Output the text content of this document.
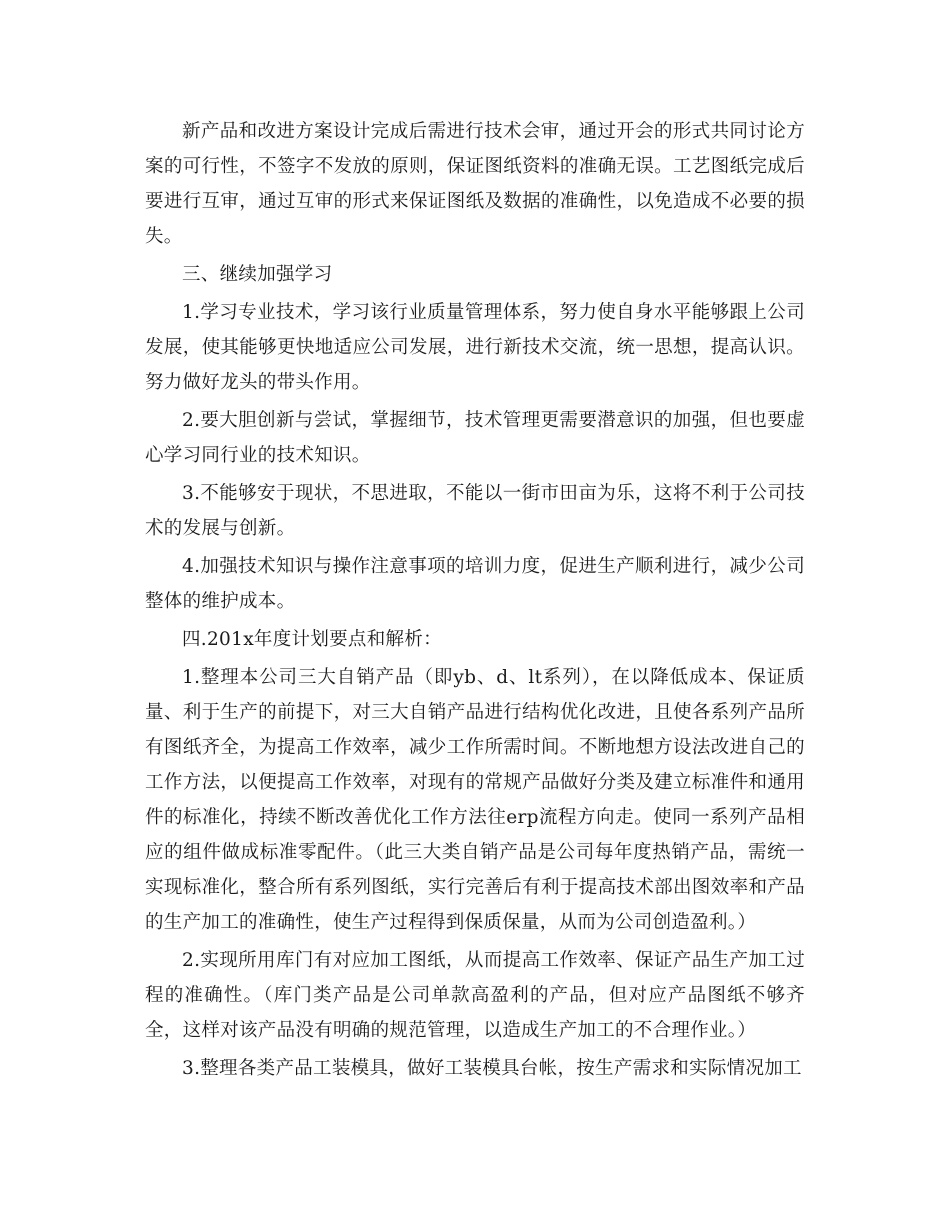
新产品和改进方案设计完成后需进行技术会审，通过开会的形式共同讨论方案的可行性，不签字不发放的原则，保证图纸资料的准确无误。工艺图纸完成后要进行互审，通过互审的形式来保证图纸及数据的准确性，以免造成不必要的损失。

三、继续加强学习

1.学习专业技术，学习该行业质量管理体系，努力使自身水平能够跟上公司发展，使其能够更快地适应公司发展，进行新技术交流，统一思想，提高认识。努力做好龙头的带头作用。

2.要大胆创新与尝试，掌握细节，技术管理更需要潜意识的加强，但也要虚心学习同行业的技术知识。

3.不能够安于现状，不思进取，不能以一街市田亩为乐，这将不利于公司技术的发展与创新。

4.加强技术知识与操作注意事项的培训力度，促进生产顺利进行，减少公司整体的维护成本。

四.201x年度计划要点和解析：

1.整理本公司三大自销产品（即yb、d、lt系列），在以降低成本、保证质量、利于生产的前提下，对三大自销产品进行结构优化改进，且使各系列产品所有图纸齐全，为提高工作效率，减少工作所需时间。不断地想方设法改进自己的工作方法，以便提高工作效率，对现有的常规产品做好分类及建立标准件和通用件的标准化，持续不断改善优化工作方法往erp流程方向走。使同一系列产品相应的组件做成标准零配件。（此三大类自销产品是公司每年度热销产品，需统一实现标准化，整合所有系列图纸，实行完善后有利于提高技术部出图效率和产品的生产加工的准确性，使生产过程得到保质保量，从而为公司创造盈利。）

2.实现所用库门有对应加工图纸，从而提高工作效率、保证产品生产加工过程的准确性。（库门类产品是公司单款高盈利的产品，但对应产品图纸不够齐全，这样对该产品没有明确的规范管理，以造成生产加工的不合理作业。）

3.整理各类产品工装模具，做好工装模具台帐，按生产需求和实际情况加工
